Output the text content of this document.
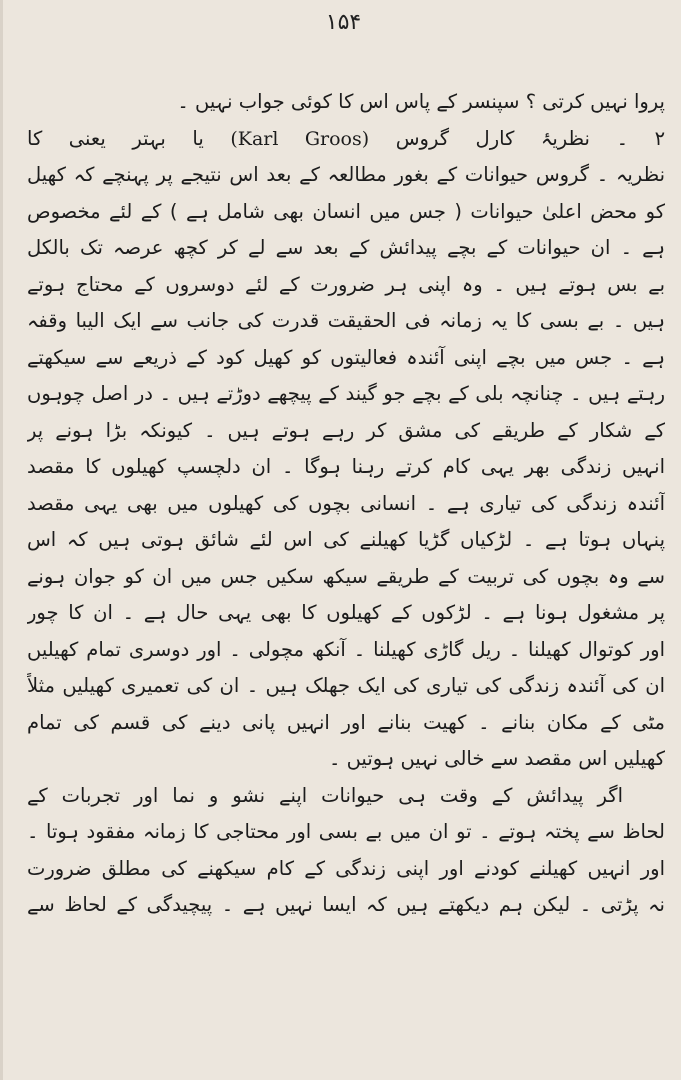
۱۵۴
پروا نہیں کرتی ؟ سپنسر کے پاس اس کا کوئی جواب نہیں ۔
۲ ۔ نظریۂ کارل گروس (Karl Groos) یا بہتر یعنی کا
نظریہ ۔ گروس حیوانات کے بغور مطالعہ کے بعد اس نتیجے پر پہنچے کہ کھیل
کو محض اعلیٰ حیوانات ( جس میں انسان بھی شامل ہے ) کے لئے مخصوص
ہے ۔ ان حیوانات کے بچے پیدائش کے بعد سے لے کر کچھ عرصہ تک بالکل
بے بس ہوتے ہیں ۔ وہ اپنی ہر ضرورت کے لئے دوسروں کے محتاج ہوتے
ہیں ۔ بے بسی کا یہ زمانہ فی الحقیقت قدرت کی جانب سے ایک الیبا وقفہ
ہے ۔ جس میں بچے اپنی آئندہ فعالیتوں کو کھیل کود کے ذریعے سے سیکھتے
رہتے ہیں ۔ چنانچہ بلی کے بچے جو گیند کے پیچھے دوڑتے ہیں ۔ در اصل چوہوں
کے شکار کے طریقے کی مشق کر رہے ہوتے ہیں ۔ کیونکہ بڑا ہونے پر
انہیں زندگی بھر یہی کام کرتے رہنا ہوگا ۔ ان دلچسپ کھیلوں کا مقصد
آئندہ زندگی کی تیاری ہے ۔ انسانی بچوں کی کھیلوں میں بھی یہی مقصد
پنہاں ہوتا ہے ۔ لڑکیاں گڑیا کھیلنے کی اس لئے شائق ہوتی ہیں کہ اس
سے وہ بچوں کی تربیت کے طریقے سیکھ سکیں جس میں ان کو جوان ہونے
پر مشغول ہونا ہے ۔ لڑکوں کے کھیلوں کا بھی یہی حال ہے ۔ ان کا چور
اور کوتوال کھیلنا ۔ ریل گاڑی کھیلنا ۔ آنکھ مچولی ۔ اور دوسری تمام کھیلیں
ان کی آئندہ زندگی کی تیاری کی ایک جھلک ہیں ۔ ان کی تعمیری کھیلیں مثلاً
مٹی کے مکان بنانے ۔ کھیت بنانے اور انہیں پانی دینے کی قسم کی تمام
کھیلیں اس مقصد سے خالی نہیں ہوتیں ۔
اگر پیدائش کے وقت ہی حیوانات اپنے نشو و نما اور تجربات کے
لحاظ سے پختہ ہوتے ۔ تو ان میں بے بسی اور محتاجی کا زمانہ مفقود ہوتا ۔
اور انہیں کھیلنے کودنے اور اپنی زندگی کے کام سیکھنے کی مطلق ضرورت
نہ پڑتی ۔ لیکن ہم دیکھتے ہیں کہ ایسا نہیں ہے ۔ پیچیدگی کے لحاظ سے
